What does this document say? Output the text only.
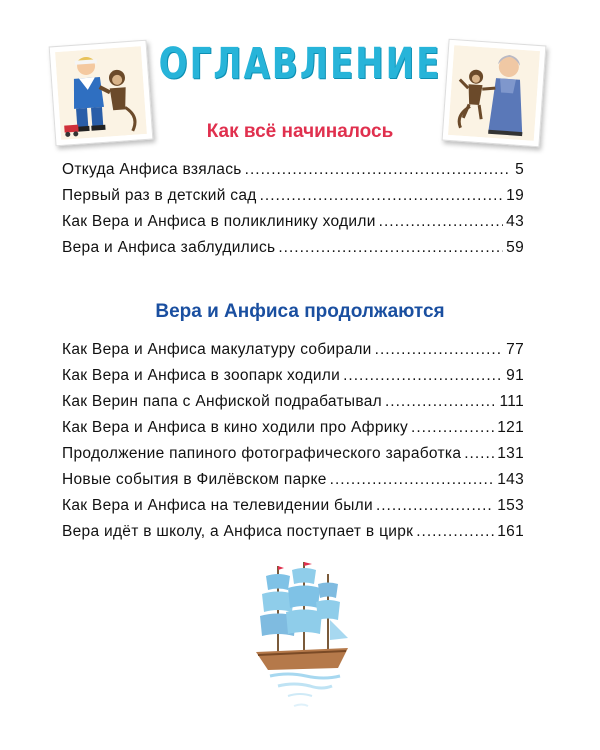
ОГЛАВЛЕНИЕ
Как всё начиналось
Откуда Анфиса взялась .....	5
Первый раз в детский сад .....	19
Как Вера и Анфиса в поликлинику ходили .....	43
Вера и Анфиса заблудились .....	59
Вера и Анфиса продолжаются
Как Вера и Анфиса макулатуру собирали .....	77
Как Вера и Анфиса в зоопарк ходили .....	91
Как Верин папа с Анфиской подрабатывал .....	111
Как Вера и Анфиса в кино ходили про Африку .....	121
Продолжение папиного фотографического заработка ..... 131
Новые события в Филёвском парке .....	143
Как Вера и Анфиса на телевидении были .....	153
Вера идёт в школу, а Анфиса поступает в цирк .....	161
